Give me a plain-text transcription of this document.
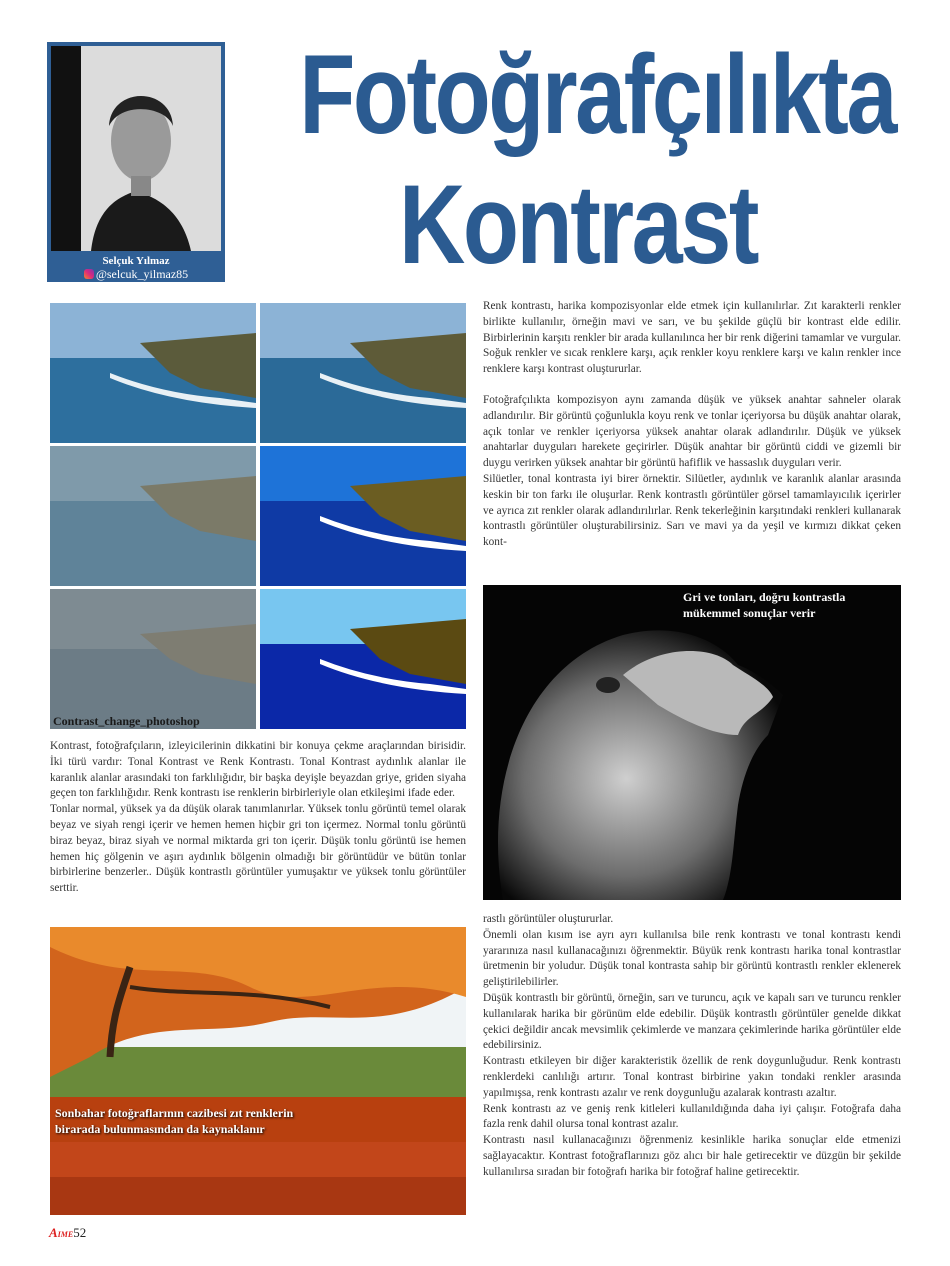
Selçuk Yılmaz
@selcuk_yilmaz85
Fotoğrafçılıkta
Kontrast
Contrast_change_photoshop

Kontrast, fotoğrafçıların, izleyicilerinin dikkatini bir konuya çekme araçlarından birisidir. İki türü vardır: Tonal Kontrast ve Renk Kontrastı. Tonal Kontrast aydınlık alanlar ile karanlık alanlar arasındaki ton farklılığıdır, bir başka deyişle beyazdan griye, griden siyaha geçen ton farklılığıdır. Renk kontrastı ise renklerin birbirleriyle olan etkileşimi ifade eder.

Tonlar normal, yüksek ya da düşük olarak tanımlanırlar. Yüksek tonlu görüntü temel olarak beyaz ve siyah rengi içerir ve hemen hemen hiçbir gri ton içermez. Normal tonlu görüntü biraz beyaz, biraz siyah ve normal miktarda gri ton içerir. Düşük tonlu görüntü ise hemen hemen hiç gölgenin ve aşırı aydınlık bölgenin olmadığı bir görüntüdür ve bütün tonlar birbirlerine benzerler.. Düşük kontrastlı görüntüler yumuşaktır ve yüksek tonlu görüntüler serttir.

Renk kontrastı, harika kompozisyonlar elde etmek için kullanılırlar. Zıt karakterli renkler birlikte kullanılır, örneğin mavi ve sarı, ve bu şekilde güçlü bir kontrast elde edilir. Birbirlerinin karşıtı renkler bir arada kullanılınca her bir renk diğerini tamamlar ve vurgular. Soğuk renkler ve sıcak renklere karşı, açık renkler koyu renklere karşı ve kalın renkler ince renklere karşı kontrast oluştururlar.

Fotoğrafçılıkta kompozisyon aynı zamanda düşük ve yüksek anahtar sahneler olarak adlandırılır. Bir görüntü çoğunlukla koyu renk ve tonlar içeriyorsa bu düşük anahtar olarak, açık tonlar ve renkler içeriyorsa yüksek anahtar olarak adlandırılır. Düşük ve yüksek anahtarlar duyguları harekete geçirirler. Düşük anahtar bir görüntü ciddi ve gizemli bir duygu verirken yüksek anahtar bir görüntü hafiflik ve hassaslık duyguları verir.

Silüetler, tonal kontrasta iyi birer örnektir. Silüetler, aydınlık ve karanlık alanlar arasında keskin bir ton farkı ile oluşurlar. Renk kontrastlı görüntüler görsel tamamlayıcılık içerirler ve ayrıca zıt renkler olarak adlandırılırlar. Renk tekerleğinin karşıtındaki renkleri kullanarak kontrastlı görüntüler oluşturabilirsiniz. Sarı ve mavi ya da yeşil ve kırmızı dikkat çeken kont-

Gri ve tonları, doğru kontrastla mükemmel sonuçlar verir

rastlı görüntüler oluştururlar.

Önemli olan kısım ise ayrı ayrı kullanılsa bile renk kontrastı ve tonal kontrastı kendi yararınıza nasıl kullanacağınızı öğrenmektir. Büyük renk kontrastı harika tonal kontrastlar üretmenin bir yoludur. Düşük tonal kontrasta sahip bir görüntü kontrastlı renkler eklenerek geliştirilebilirler.

Düşük kontrastlı bir görüntü, örneğin, sarı ve turuncu, açık ve kapalı sarı ve turuncu renkler kullanılarak harika bir görünüm elde edebilir. Düşük kontrastlı görüntüler genelde dikkat çekici değildir ancak mevsimlik çekimlerde ve manzara çekimlerinde harika görüntüler elde edebilirsiniz.

Kontrastı etkileyen bir diğer karakteristik özellik de renk doygunluğudur. Renk kontrastı renklerdeki canlılığı artırır. Tonal kontrast birbirine yakın tondaki renkler arasında yapılmışsa, renk kontrastı azalır ve renk doygunluğu azalarak kontrastı azaltır.

Renk kontrastı az ve geniş renk kitleleri kullanıldığında daha iyi çalışır. Fotoğrafa daha fazla renk dahil olursa tonal kontrast azalır.

Kontrastı nasıl kullanacağınızı öğrenmeniz kesinlikle harika sonuçlar elde etmenizi sağlayacaktır. Kontrast fotoğraflarınızı göz alıcı bir hale getirecektir ve düzgün bir şekilde kullanılırsa sıradan bir fotoğrafı harika bir fotoğraf haline getirecektir.

Sonbahar fotoğraflarının cazibesi zıt renklerin
birarada bulunmasından da kaynaklanır
AIME52
